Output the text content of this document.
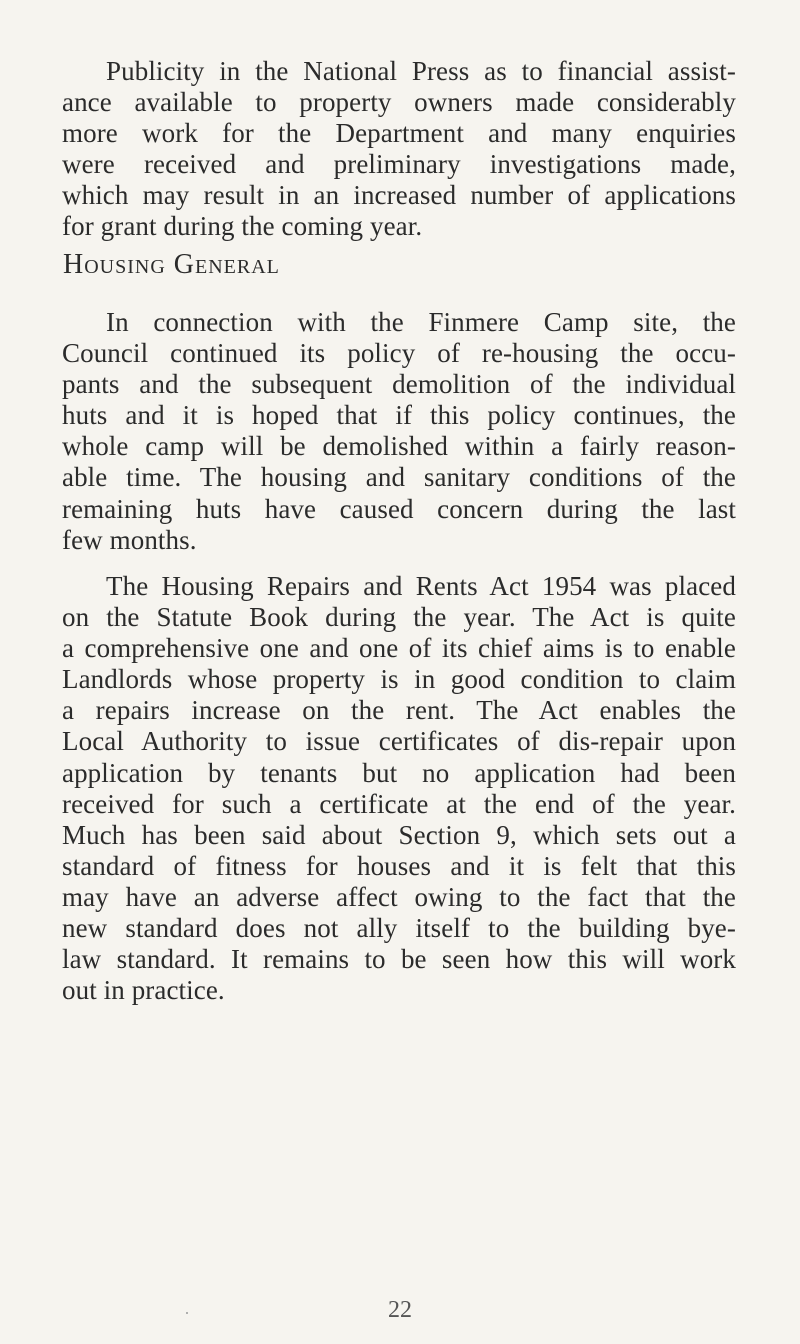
Publicity in the National Press as to financial assist-
ance available to property owners made considerably
more work for the Department and many enquiries
were received and preliminary investigations made,
which may result in an increased number of applications
for grant during the coming year.
Housing General
In connection with the Finmere Camp site, the
Council continued its policy of re-housing the occu-
pants and the subsequent demolition of the individual
huts and it is hoped that if this policy continues, the
whole camp will be demolished within a fairly reason-
able time. The housing and sanitary conditions of the
remaining huts have caused concern during the last
few months.
The Housing Repairs and Rents Act 1954 was placed
on the Statute Book during the year. The Act is quite
a comprehensive one and one of its chief aims is to enable
Landlords whose property is in good condition to claim
a repairs increase on the rent. The Act enables the
Local Authority to issue certificates of dis-repair upon
application by tenants but no application had been
received for such a certificate at the end of the year.
Much has been said about Section 9, which sets out a
standard of fitness for houses and it is felt that this
may have an adverse affect owing to the fact that the
new standard does not ally itself to the building bye-
law standard. It remains to be seen how this will work
out in practice.
22
